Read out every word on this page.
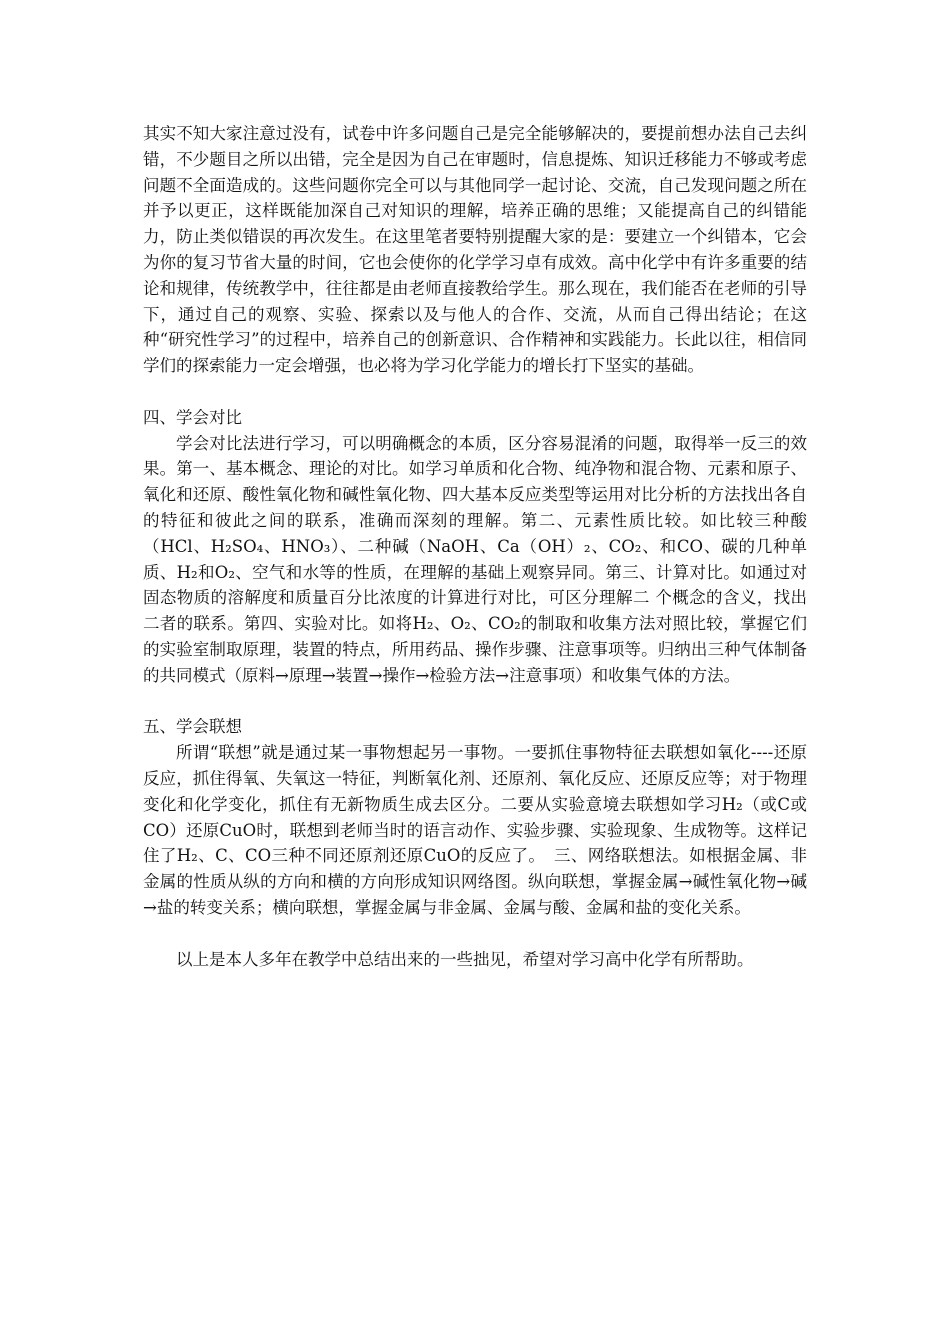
其实不知大家注意过没有，试卷中许多问题自己是完全能够解决的，要提前想办法自己去纠错，不少题目之所以出错，完全是因为自己在审题时，信息提炼、知识迁移能力不够或考虑问题不全面造成的。这些问题你完全可以与其他同学一起讨论、交流，自己发现问题之所在并予以更正，这样既能加深自己对知识的理解，培养正确的思维；又能提高自己的纠错能力，防止类似错误的再次发生。在这里笔者要特别提醒大家的是：要建立一个纠错本，它会为你的复习节省大量的时间，它也会使你的化学学习卓有成效。高中化学中有许多重要的结论和规律，传统教学中，往往都是由老师直接教给学生。那么现在，我们能否在老师的引导下，通过自己的观察、实验、探索以及与他人的合作、交流，从而自己得出结论；在这种“研究性学习”的过程中，培养自己的创新意识、合作精神和实践能力。长此以往，相信同学们的探索能力一定会增强，也必将为学习化学能力的增长打下坚实的基础。

四、学会对比

学会对比法进行学习，可以明确概念的本质，区分容易混淆的问题，取得举一反三的效果。第一、基本概念、理论的对比。如学习单质和化合物、纯净物和混合物、元素和原子、氧化和还原、酸性氧化物和碱性氧化物、四大基本反应类型等运用对比分析的方法找出各自的特征和彼此之间的联系，准确而深刻的理解。第二、元素性质比较。如比较三种酸（HCl、H₂SO₄、HNO₃）、二种碱（NaOH、Ca（OH）₂、CO₂、和CO、碳的几种单质、H₂和O₂、空气和水等的性质，在理解的基础上观察异同。第三、计算对比。如通过对固态物质的溶解度和质量百分比浓度的计算进行对比，可区分理解二 个概念的含义，找出二者的联系。第四、实验对比。如将H₂、O₂、CO₂的制取和收集方法对照比较，掌握它们的实验室制取原理，装置的特点，所用药品、操作步骤、注意事项等。归纳出三种气体制备的共同模式（原料→原理→装置→操作→检验方法→注意事项）和收集气体的方法。

五、学会联想

所谓“联想”就是通过某一事物想起另一事物。一要抓住事物特征去联想如氧化----还原反应，抓住得氧、失氧这一特征，判断氧化剂、还原剂、氧化反应、还原反应等；对于物理变化和化学变化，抓住有无新物质生成去区分。二要从实验意境去联想如学习H₂（或C或CO）还原CuO时，联想到老师当时的语言动作、实验步骤、实验现象、生成物等。这样记住了H₂、C、CO三种不同还原剂还原CuO的反应了。　三、网络联想法。如根据金属、非金属的性质从纵的方向和横的方向形成知识网络图。纵向联想，掌握金属→碱性氧化物→碱→盐的转变关系；横向联想，掌握金属与非金属、金属与酸、金属和盐的变化关系。

以上是本人多年在教学中总结出来的一些拙见，希望对学习高中化学有所帮助。
